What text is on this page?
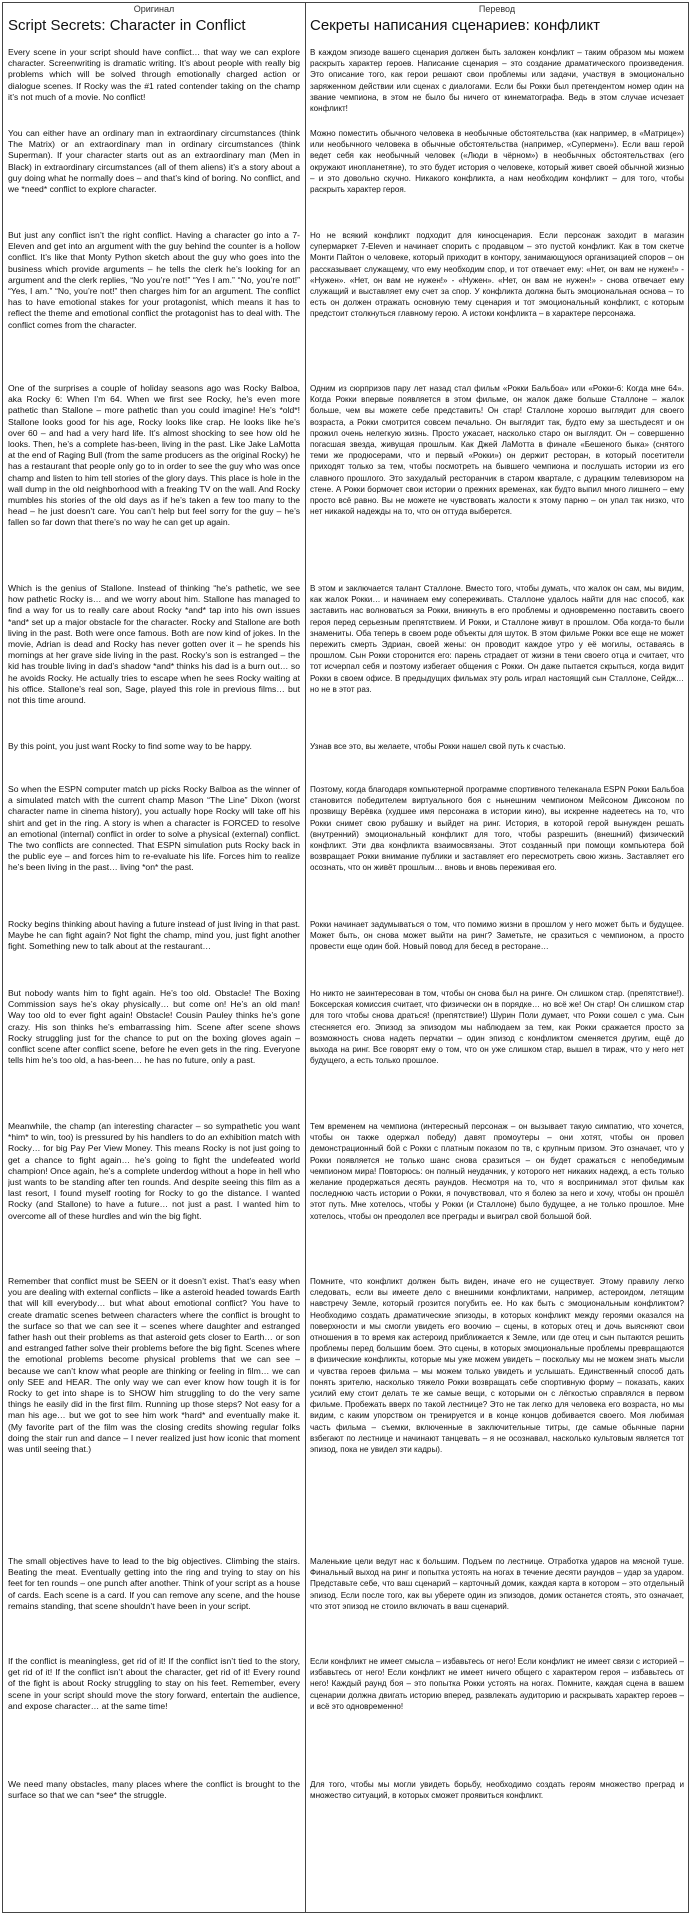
Оригинал	Перевод
Script Secrets: Character in Conflict	Секреты написания сценариев: конфликт

Every scene in your script should have conflict… that way we can explore character. Screenwriting is dramatic writing. It’s about people with really big problems which will be solved through emotionally charged action or dialogue scenes. If Rocky was the #1 rated contender taking on the champ it’s not much of a movie. No conflict!

You can either have an ordinary man in extraordinary circumstances (think The Matrix) or an extraordinary man in ordinary circumstances (think Superman). If your character starts out as an extraordinary man (Men in Black) in extraordinary circumstances (all of them aliens) it’s a story about a guy doing what he normally does – and that’s kind of boring. No conflict, and we *need* conflict to explore character.

But just any conflict isn’t the right conflict. Having a character go into a 7-Eleven and get into an argument with the guy behind the counter is a hollow conflict. It’s like that Monty Python sketch about the guy who goes into the business which provide arguments – he tells the clerk he’s looking for an argument and the clerk replies, “No you’re not!” “Yes I am.” “No, you’re not!” “Yes, I am.” “No, you’re not!” then charges him for an argument. The conflict has to have emotional stakes for your protagonist, which means it has to reflect the theme and emotional conflict the protagonist has to deal with. The conflict comes from the character.

One of the surprises a couple of holiday seasons ago was Rocky Balboa, aka Rocky 6: When I’m 64. When we first see Rocky, he’s even more pathetic than Stallone – more pathetic than you could imagine! He’s *old*! Stallone looks good for his age, Rocky looks like crap. He looks like he’s over 60 – and had a very hard life. It’s almost shocking to see how old he looks. Then, he’s a complete has-been, living in the past. Like Jake LaMotta at the end of Raging Bull (from the same producers as the original Rocky) he has a restaurant that people only go to in order to see the guy who was once champ and listen to him tell stories of the glory days. This place is hole in the wall dump in the old neighborhood with a freaking TV on the wall. And Rocky mumbles his stories of the old days as if he’s taken a few too many to the head – he just doesn’t care. You can’t help but feel sorry for the guy – he’s fallen so far down that there’s no way he can get up again.

Which is the genius of Stallone. Instead of thinking “he’s pathetic, we see how pathetic Rocky is… and we worry about him. Stallone has managed to find a way for us to really care about Rocky *and* tap into his own issues *and* set up a major obstacle for the character. Rocky and Stallone are both living in the past. Both were once famous. Both are now kind of jokes. In the movie, Adrian is dead and Rocky has never gotten over it – he spends his mornings at her grave side living in the past. Rocky’s son is estranged – the kid has trouble living in dad’s shadow *and* thinks his dad is a burn out… so he avoids Rocky. He actually tries to escape when he sees Rocky waiting at his office. Stallone’s real son, Sage, played this role in previous films… but not this time around.

By this point, you just want Rocky to find some way to be happy.

So when the ESPN computer match up picks Rocky Balboa as the winner of a simulated match with the current champ Mason “The Line” Dixon (worst character name in cinema history), you actually hope Rocky will take off his shirt and get in the ring. A story is when a character is FORCED to resolve an emotional (internal) conflict in order to solve a physical (external) conflict. The two conflicts are connected. That ESPN simulation puts Rocky back in the public eye – and forces him to re-evaluate his life. Forces him to realize he’s been living in the past… living *on* the past.

Rocky begins thinking about having a future instead of just living in that past. Maybe he can fight again? Not fight the champ, mind you, just fight another fight. Something new to talk about at the restaurant…

But nobody wants him to fight again. He’s too old. Obstacle! The Boxing Commission says he’s okay physically… but come on! He’s an old man! Way too old to ever fight again! Obstacle! Cousin Pauley thinks he’s gone crazy. His son thinks he’s embarrassing him. Scene after scene shows Rocky struggling just for the chance to put on the boxing gloves again – conflict scene after conflict scene, before he even gets in the ring. Everyone tells him he’s too old, a has-been… he has no future, only a past.

Meanwhile, the champ (an interesting character – so sympathetic you want *him* to win, too) is pressured by his handlers to do an exhibition match with Rocky… for big Pay Per View Money. This means Rocky is not just going to get a chance to fight again… he’s going to fight the undefeated world champion! Once again, he’s a complete underdog without a hope in hell who just wants to be standing after ten rounds. And despite seeing this film as a last resort, I found myself rooting for Rocky to go the distance. I wanted Rocky (and Stallone) to have a future… not just a past. I wanted him to overcome all of these hurdles and win the big fight.

Remember that conflict must be SEEN or it doesn’t exist. That’s easy when you are dealing with external conflicts – like a asteroid headed towards Earth that will kill everybody… but what about emotional conflict? You have to create dramatic scenes between characters where the conflict is brought to the surface so that we can see it – scenes where daughter and estranged father hash out their problems as that asteroid gets closer to Earth… or son and estranged father solve their problems before the big fight. Scenes where the emotional problems become physical problems that we can see – because we can’t know what people are thinking or feeling in film… we can only SEE and HEAR. The only way we can ever know how tough it is for Rocky to get into shape is to SHOW him struggling to do the very same things he easily did in the first film. Running up those steps? Not easy for a man his age… but we got to see him work *hard* and eventually make it. (My favorite part of the film was the closing credits showing regular folks doing the stair run and dance – I never realized just how iconic that moment was until seeing that.)

The small objectives have to lead to the big objectives. Climbing the stairs. Beating the meat. Eventually getting into the ring and trying to stay on his feet for ten rounds – one punch after another. Think of your script as a house of cards. Each scene is a card. If you can remove any scene, and the house remains standing, that scene shouldn’t have been in your script.

If the conflict is meaningless, get rid of it! If the conflict isn’t tied to the story, get rid of it! If the conflict isn’t about the character, get rid of it! Every round of the fight is about Rocky struggling to stay on his feet. Remember, every scene in your script should move the story forward, entertain the audience, and expose character… at the same time!

We need many obstacles, many places where the conflict is brought to the surface so that we can *see* the struggle.

В каждом эпизоде вашего сценария должен быть заложен конфликт – таким образом мы можем раскрыть характер героев. Написание сценария – это создание драматического произведения. Это описание того, как герои решают свои проблемы или задачи, участвуя в эмоционально заряженном действии или сценах с диалогами. Если бы Рокки был претендентом номер один на звание чемпиона, в этом не было бы ничего от кинематографа. Ведь в этом случае исчезает конфликт!

Можно поместить обычного человека в необычные обстоятельства (как например, в «Матрице») или необычного человека в обычные обстоятельства (например, «Супермен»). Если ваш герой ведет себя как необычный человек («Люди в чёрном») в необычных обстоятельствах (его окружают инопланетяне), то это будет история о человеке, который живет своей обычной жизнью – и это довольно скучно. Никакого конфликта, а нам необходим конфликт – для того, чтобы раскрыть характер героя.

Но не всякий конфликт подходит для киносценария. Если персонаж заходит в магазин супермаркет 7-Eleven и начинает спорить с продавцом – это пустой конфликт. Как в том скетче Монти Пайтон о человеке, который приходит в контору, занимающуюся организацией споров – он рассказывает служащему, что ему необходим спор, и тот отвечает ему: «Нет, он вам не нужен!» - «Нужен». «Нет, он вам не нужен!» - «Нужен». «Нет, он вам не нужен!» - снова отвечает ему служащий и выставляет ему счет за спор. У конфликта должна быть эмоциональная основа – то есть он должен отражать основную тему сценария и тот эмоциональный конфликт, с которым предстоит столкнуться главному герою. А истоки конфликта – в характере персонажа.

Одним из сюрпризов пару лет назад стал фильм «Рокки Бальбоа» или «Рокки-6: Когда мне 64». Когда Рокки впервые появляется в этом фильме, он жалок даже больше Сталлоне – жалок больше, чем вы можете себе представить! Он стар! Сталлоне хорошо выглядит для своего возраста, а Рокки смотрится совсем печально. Он выглядит так, будто ему за шестьдесят и он прожил очень нелегкую жизнь. Просто ужасает, насколько старо он выглядит. Он – совершенно погасшая звезда, живущая прошлым. Как Джей ЛаМотта в финале «Бешеного быка» (снятого теми же продюсерами, что и первый «Рокки») он держит ресторан, в который посетители приходят только за тем, чтобы посмотреть на бывшего чемпиона и послушать истории из его славного прошлого. Это захудалый ресторанчик в старом квартале, с дурацким телевизором на стене. А Рокки бормочет свои истории о прежних временах, как будто выпил много лишнего – ему просто всё равно. Вы не можете не чувствовать жалости к этому парню – он упал так низко, что нет никакой надежды на то, что он оттуда выберется.

В этом и заключается талант Сталлоне. Вместо того, чтобы думать, что жалок он сам, мы видим, как жалок Рокки… и начинаем ему сопереживать. Сталлоне удалось найти для нас способ, как заставить нас волноваться за Рокки, вникнуть в его проблемы и одновременно поставить своего героя перед серьезным препятствием. И Рокки, и Сталлоне живут в прошлом. Оба когда-то были знамениты. Оба теперь в своем роде объекты для шуток. В этом фильме Рокки все еще не может пережить смерть Эдриан, своей жены: он проводит каждое утро у её могилы, оставаясь в прошлом. Сын Рокки сторонится его: парень страдает от жизни в тени своего отца и считает, что тот исчерпал себя и поэтому избегает общения с Рокки. Он даже пытается скрыться, когда видит Рокки в своем офисе. В предыдущих фильмах эту роль играл настоящий сын Сталлоне, Сейдж… но не в этот раз.

Узнав все это, вы желаете, чтобы Рокки нашел свой путь к счастью.

Поэтому, когда благодаря компьютерной программе спортивного телеканала ESPN Рокки Бальбоа становится победителем виртуального боя с нынешним чемпионом Мейсоном Диксоном по прозвищу Верёвка (худшее имя персонажа в истории кино), вы искренне надеетесь на то, что Рокки снимет свою рубашку и выйдет на ринг. История, в которой герой вынужден решать (внутренний) эмоциональный конфликт для того, чтобы разрешить (внешний) физический конфликт. Эти два конфликта взаимосвязаны. Этот созданный при помощи компьютера бой возвращает Рокки внимание публики и заставляет его пересмотреть свою жизнь. Заставляет его осознать, что он живёт прошлым… вновь и вновь переживая его.

Рокки начинает задумываться о том, что помимо жизни в прошлом у него может быть и будущее. Может быть, он снова может выйти на ринг? Заметьте, не сразиться с чемпионом, а просто провести еще один бой. Новый повод для бесед в ресторане…

Но никто не заинтересован в том, чтобы он снова был на ринге. Он слишком стар. (препятствие!). Боксерская комиссия считает, что физически он в порядке… но всё же! Он стар! Он слишком стар для того чтобы снова драться! (препятствие!) Шурин Поли думает, что Рокки сошел с ума. Сын стесняется его. Эпизод за эпизодом мы наблюдаем за тем, как Рокки сражается просто за возможность снова надеть перчатки – один эпизод с конфликтом сменяется другим, ещё до выхода на ринг. Все говорят ему о том, что он уже слишком стар, вышел в тираж, что у него нет будущего, а есть только прошлое.

Тем временем на чемпиона (интересный персонаж – он вызывает такую симпатию, что хочется, чтобы он также одержал победу) давят промоутеры – они хотят, чтобы он провел демонстрационный бой с Рокки с платным показом по тв, с крупным призом. Это означает, что у Рокки появляется не только шанс снова сразиться – он будет сражаться с непобедимым чемпионом мира! Повторюсь: он полный неудачник, у которого нет никаких надежд, а есть только желание продержаться десять раундов. Несмотря на то, что я воспринимал этот фильм как последнюю часть истории о Рокки, я почувствовал, что я болею за него и хочу, чтобы он прошёл этот путь. Мне хотелось, чтобы у Рокки (и Сталлоне) было будущее, а не только прошлое. Мне хотелось, чтобы он преодолел все преграды и выиграл свой большой бой.

Помните, что конфликт должен быть виден, иначе его не существует. Этому правилу легко следовать, если вы имеете дело с внешними конфликтами, например, астероидом, летящим навстречу Земле, который грозится погубить ее. Но как быть с эмоциональным конфликтом? Необходимо создать драматические эпизоды, в которых конфликт между героями оказался на поверхности и мы смогли увидеть его воочию – сцены, в которых отец и дочь выясняют свои отношения в то время как астероид приближается к Земле, или где отец и сын пытаются решить проблемы перед большим боем. Это сцены, в которых эмоциональные проблемы превращаются в физические конфликты, которые мы уже можем увидеть – поскольку мы не можем знать мысли и чувства героев фильма – мы можем только увидеть и услышать. Единственный способ дать понять зрителю, насколько тяжело Рокки возвращать себе спортивную форму – показать, каких усилий ему стоит делать те же самые вещи, с которыми он с лёгкостью справлялся в первом фильме. Пробежать вверх по такой лестнице? Это не так легко для человека его возраста, но мы видим, с каким упорством он тренируется и в конце концов добивается своего. Моя любимая часть фильма – съемки, включенные в заключительные титры, где самые обычные парни взбегают по лестнице и начинают танцевать – я не осознавал, насколько культовым является тот эпизод, пока не увидел эти кадры).

Маленькие цели ведут нас к большим. Подъем по лестнице. Отработка ударов на мясной туше. Финальный выход на ринг и попытка устоять на ногах в течение десяти раундов – удар за ударом. Представьте себе, что ваш сценарий – карточный домик, каждая карта в котором – это отдельный эпизод. Если после того, как вы уберете один из эпизодов, домик останется стоять, это означает, что этот эпизод не стоило включать в ваш сценарий.

Если конфликт не имеет смысла – избавьтесь от него! Если конфликт не имеет связи с историей – избавьтесь от него! Если конфликт не имеет ничего общего с характером героя – избавьтесь от него! Каждый раунд боя – это попытка Рокки устоять на ногах. Помните, каждая сцена в вашем сценарии должна двигать историю вперед, развлекать аудиторию и раскрывать характер героев – и всё это одновременно!

Для того, чтобы мы могли увидеть борьбу, необходимо создать героям множество преград и множество ситуаций, в которых сможет проявиться конфликт.
